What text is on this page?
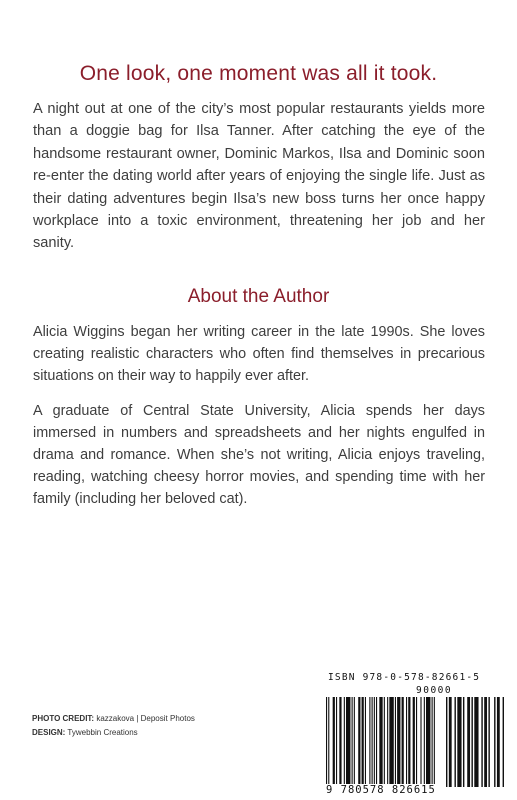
One look, one moment was all it took.
A night out at one of the city’s most popular restaurants yields more than a doggie bag for Ilsa Tanner. After catching the eye of the handsome restaurant owner, Dominic Markos, Ilsa and Dominic soon re-enter the dating world after years of enjoying the single life. Just as their dating adventures begin Ilsa’s new boss turns her once happy workplace into a toxic environment, threatening her job and her sanity.
About the Author

Alicia Wiggins began her writing career in the late 1990s. She loves creating realistic characters who often find themselves in precarious situations on their way to happily ever after.

A graduate of Central State University, Alicia spends her days immersed in numbers and spreadsheets and her nights engulfed in drama and romance. When she’s not writing, Alicia enjoys traveling, reading, watching cheesy horror movies, and spending time with her family (including her beloved cat).

PHOTO CREDIT: kazzakova | Deposit Photos
DESIGN: Tywebbin Creations
ISBN 978-0-578-82661-5
90000
9 780578 826615
